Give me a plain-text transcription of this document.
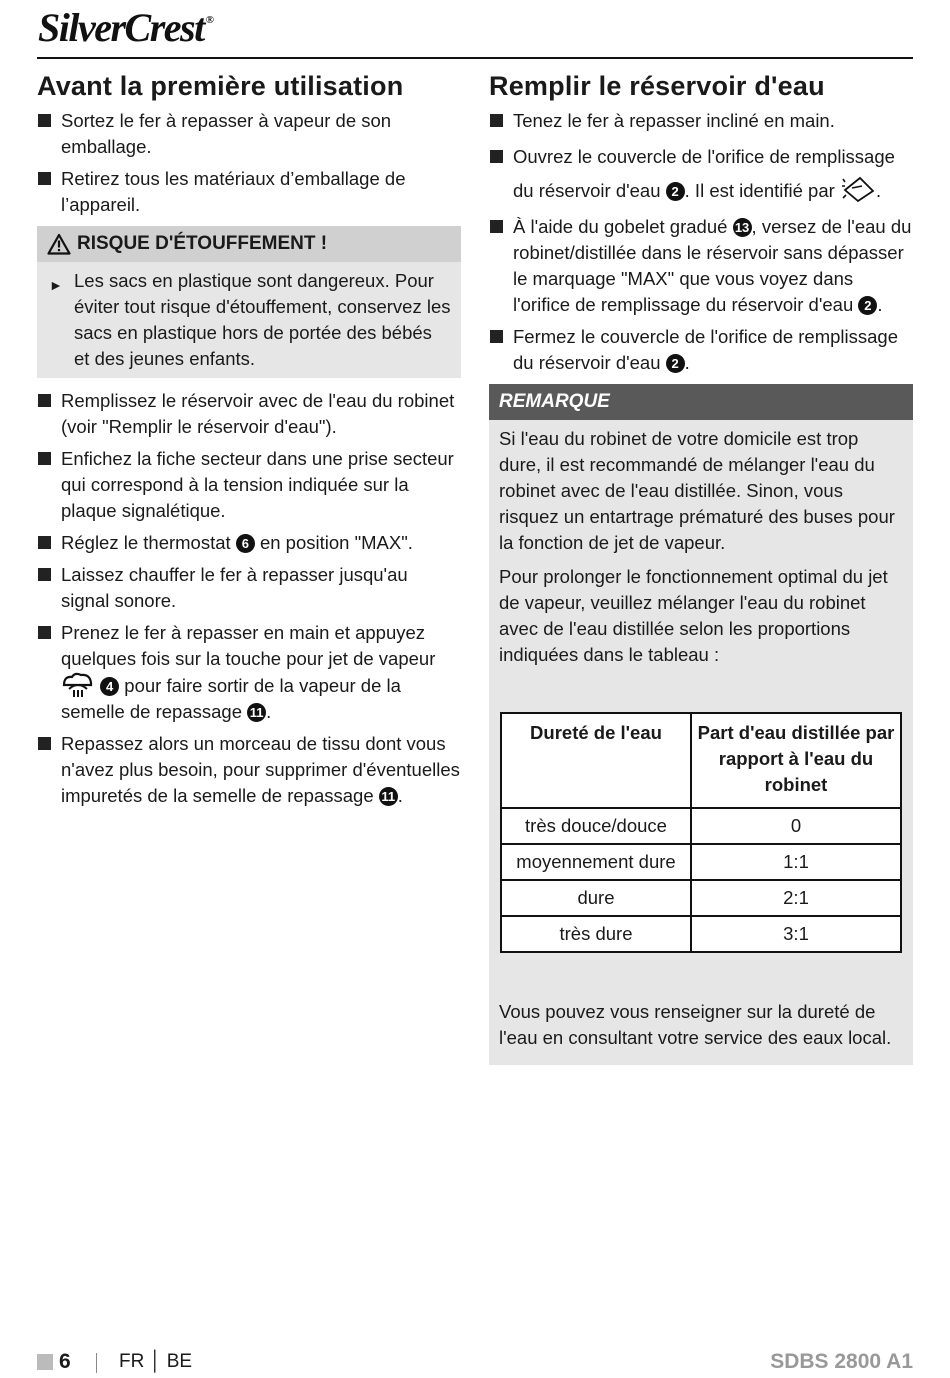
SilverCrest ®
Avant la première utilisation
Sortez le fer à repasser à vapeur de son emballage.
Retirez tous les matériaux d’emballage de l’appareil.
RISQUE D'ÉTOUFFEMENT !
► Les sacs en plastique sont dangereux. Pour éviter tout risque d'étouffement, conservez les sacs en plastique hors de portée des bébés et des jeunes enfants.
Remplissez le réservoir avec de l'eau du robinet (voir "Remplir le réservoir d'eau").
Enfichez la fiche secteur dans une prise secteur qui correspond à la tension indiquée sur la plaque signalétique.
Réglez le thermostat 6 en position "MAX".
Laissez chauffer le fer à repasser jusqu'au signal sonore.
Prenez le fer à repasser en main et appuyez quelques fois sur la touche pour jet de vapeur  4 pour faire sortir de la vapeur de la semelle de repassage 11 .
Repassez alors un morceau de tissu dont vous n'avez plus besoin, pour supprimer d'éventuelles impuretés de la semelle de repassage 11 .
Remplir le réservoir d'eau
Tenez le fer à repasser incliné en main.
Ouvrez le couvercle de l'orifice de remplissage du réservoir d'eau 2 . Il est identifié par .
À l'aide du gobelet gradué 13 , versez de l'eau du robinet/distillée dans le réservoir sans dépasser le marquage "MAX" que vous voyez dans l'orifice de remplissage du réservoir d'eau 2 .
Fermez le couvercle de l'orifice de remplissage du réservoir d'eau 2 .
REMARQUE

Si l'eau du robinet de votre domicile est trop dure, il est recommandé de mélanger l'eau du robinet avec de l'eau distillée. Sinon, vous risquez un entartrage prématuré des buses pour la fonction de jet de vapeur.

Pour prolonger le fonctionnement optimal du jet de vapeur, veuillez mélanger l'eau du robinet avec de l'eau distillée selon les proportions indiquées dans le tableau :

Dureté de l'eau	Part d'eau distillée par rapport à l'eau du robinet
très douce/douce	0
moyennement dure	1:1
dure	2:1
très dure	3:1

Vous pouvez vous renseigner sur la dureté de l'eau en consultant votre service des eaux local.

6	FR │ BE	SDBS 2800 A1
